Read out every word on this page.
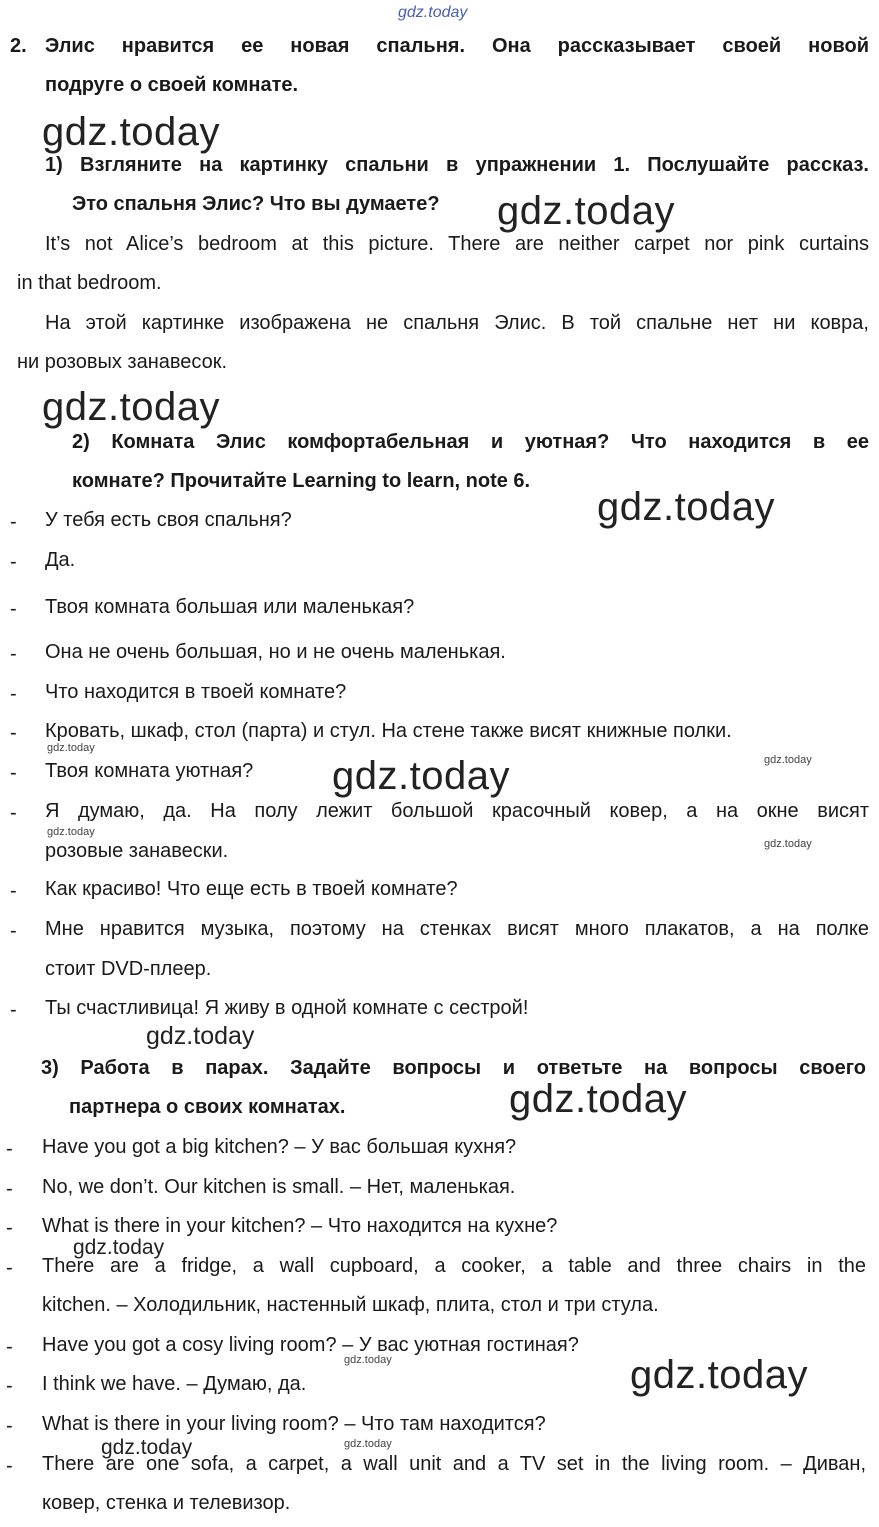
gdz.today
gdz.today
gdz.today
gdz.today
gdz.today
gdz.today
gdz.today
gdz.today
gdz.today
gdz.today
gdz.today
gdz.today
gdz.today
gdz.today	gdz.today
gdz.today	gdz.today
2. Элис нравится ее новая спальня. Она рассказывает своей новой
подруге о своей комнате.
1) Взгляните на картинку спальни в упражнении 1. Послушайте рассказ.
Это спальня Элис? Что вы думаете?
It’s not Alice’s bedroom at this picture. There are neither carpet nor pink curtains
in that bedroom.
На этой картинке изображена не спальня Элис. В той спальне нет ни ковра,
ни розовых занавесок.
2) Комната Элис комфортабельная и уютная? Что находится в ее
комнате? Прочитайте Learning to learn, note 6.
- У тебя есть своя спальня?
- Да.
- Твоя комната большая или маленькая?
- Она не очень большая, но и не очень маленькая.
- Что находится в твоей комнате?
- Кровать, шкаф, стол (парта) и стул. На стене также висят книжные полки.
- Твоя комната уютная?
- Я думаю, да. На полу лежит большой красочный ковер, а на окне висят
розовые занавески.
- Как красиво! Что еще есть в твоей комнате?
- Мне нравится музыка, поэтому на стенках висят много плакатов, а на полке
стоит DVD-плеер.
- Ты счастливица! Я живу в одной комнате с сестрой!
3) Работа в парах. Задайте вопросы и ответьте на вопросы своего
партнера о своих комнатах.
- Have you got a big kitchen? – У вас большая кухня?
- No, we don’t. Our kitchen is small. – Нет, маленькая.
- What is there in your kitchen? – Что находится на кухне?
- There are a fridge, a wall cupboard, a cooker, a table and three chairs in the
kitchen. – Холодильник, настенный шкаф, плита, стол и три стула.
- Have you got a cosy living room? – У вас уютная гостиная?
- I think we have. – Думаю, да.
- What is there in your living room? – Что там находится?
- There are one sofa, a carpet, a wall unit and a TV set in the living room. – Диван,
ковер, стенка и телевизор.
